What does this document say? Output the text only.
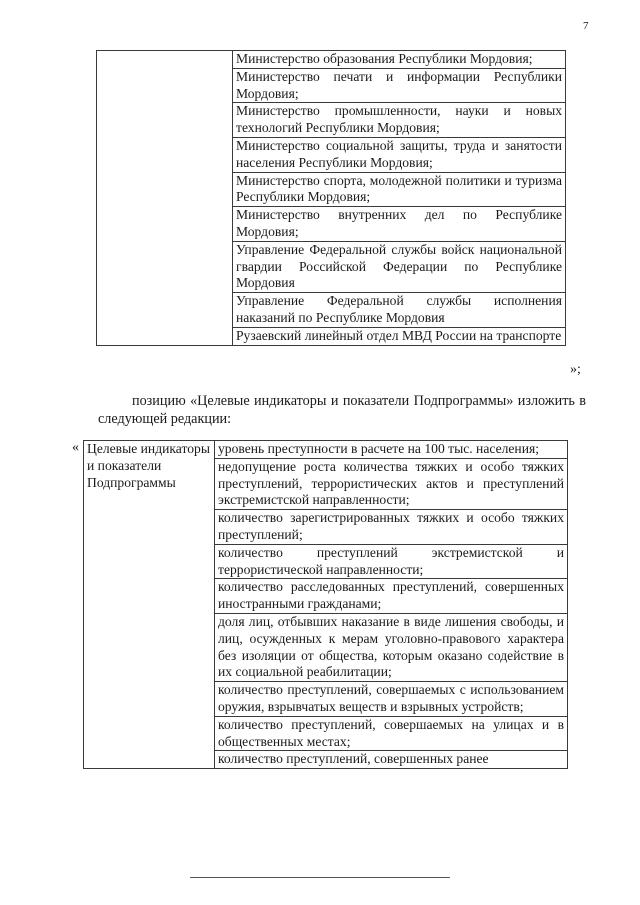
7
	Министерство образования Республики Мордовия;
Министерство печати и информации Республики Мордовия;
Министерство промышленности, науки и новых технологий Республики Мордовия;
Министерство социальной защиты, труда и занятости населения Республики Мордовия;
Министерство спорта, молодежной политики и туризма Республики Мордовия;
Министерство внутренних дел по Республике Мордовия;
Управление Федеральной службы войск национальной гвардии Российской Федерации по Республике Мордовия
Управление Федеральной службы исполнения наказаний по Республике Мордовия
Рузаевский линейный отдел МВД России на транспорте
»;
позицию «Целевые индикаторы и показатели Подпрограммы» изложить в следующей редакции:
« Целевые индикаторы и показатели Подпрограммы	уровень преступности в расчете на 100 тыс. населения;
недопущение роста количества тяжких и особо тяжких преступлений, террористических актов и преступлений экстремистской направленности;
количество зарегистрированных тяжких и особо тяжких преступлений;
количество преступлений экстремистской и террористической направленности;
количество расследованных преступлений, совершенных иностранными гражданами;
доля лиц, отбывших наказание в виде лишения свободы, и лиц, осужденных к мерам уголовно-правового характера без изоляции от общества, которым оказано содействие в их социальной реабилитации;
количество преступлений, совершаемых с использованием оружия, взрывчатых веществ и взрывных устройств;
количество преступлений, совершаемых на улицах и в общественных местах;
количество преступлений, совершенных ранее
